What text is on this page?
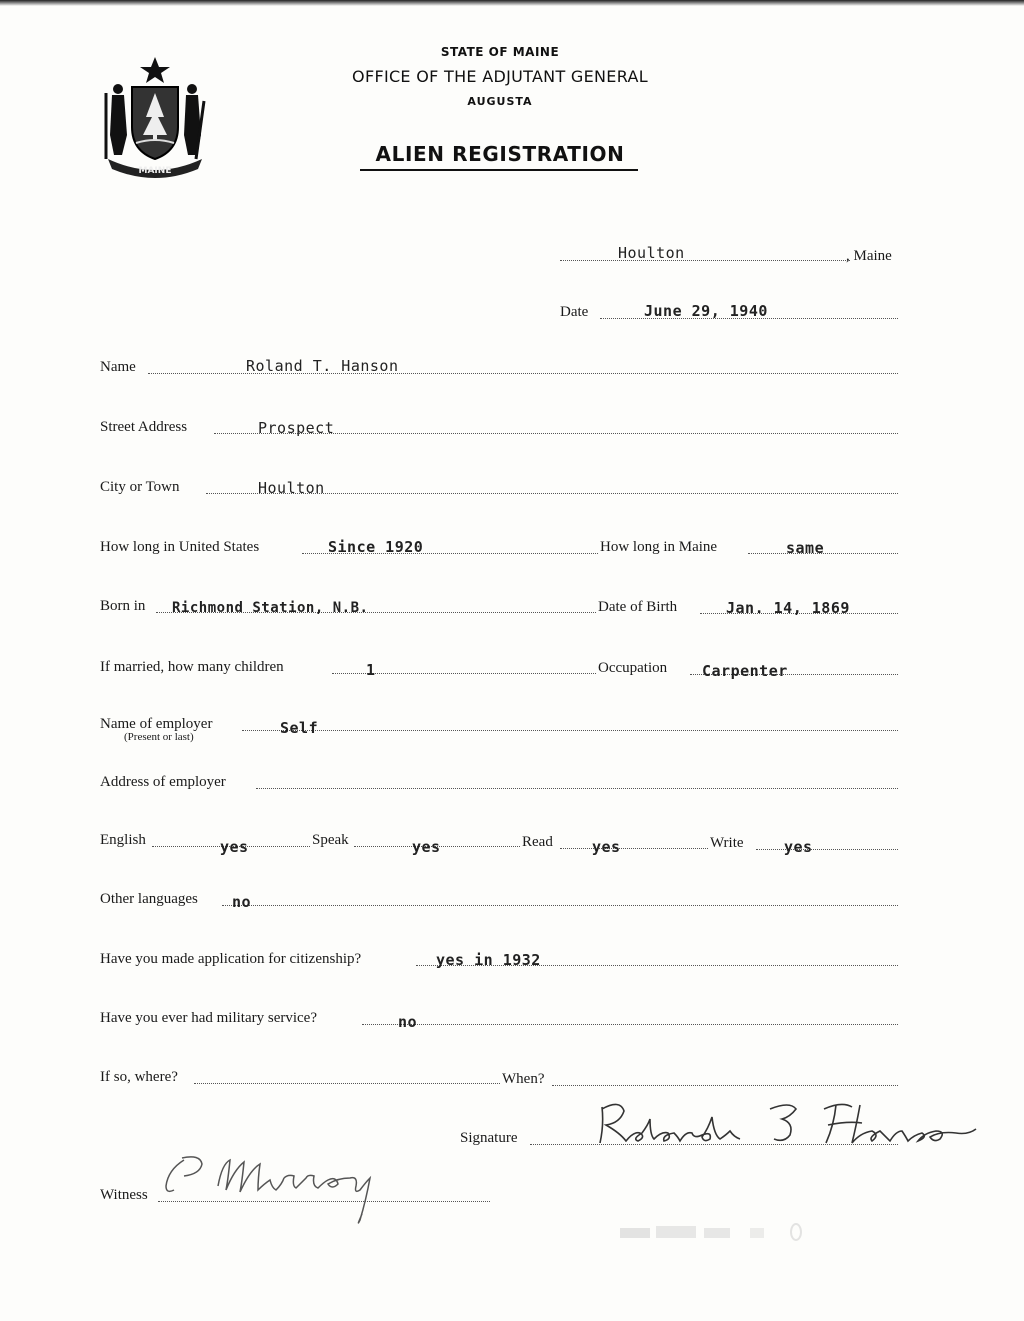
MAINE
STATE OF MAINE
OFFICE OF THE ADJUTANT GENERAL
AUGUSTA
ALIEN REGISTRATION
Houlton	, Maine
Date	June 29, 1940
Name	Roland T. Hanson
Street Address	Prospect
City or Town	Houlton
How long in United States	Since 1920	How long in Maine	same
Born in Richmond Station, N.B.	Date of Birth	Jan. 14, 1869
If married, how many children	1	Occupation Carpenter
Name of employer
(Present or last)	Self
Address of employer
English	yes	Speak	yes	Read	yes	Write	yes
Other languages no
Have you made application for citizenship?	yes in 1932
Have you ever had military service?	no
If so, where?	When?
Signature
Witness
